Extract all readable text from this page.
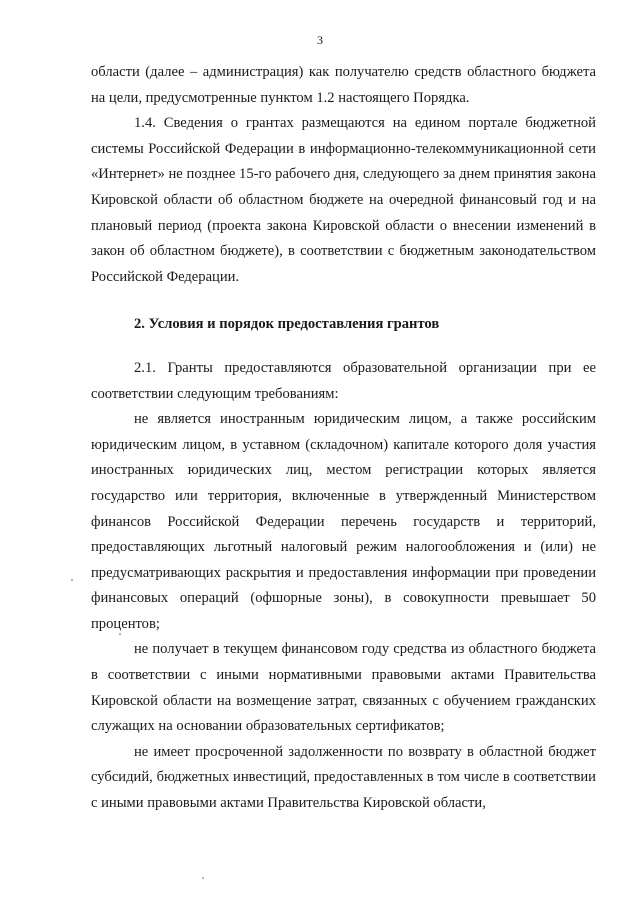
3

области (далее – администрация) как получателю средств областного бюджета на цели, предусмотренные пунктом 1.2 настоящего Порядка.

1.4. Сведения о грантах размещаются на едином портале бюджетной системы Российской Федерации в информационно-телекоммуникационной сети «Интернет» не позднее 15-го рабочего дня, следующего за днем принятия закона Кировской области об областном бюджете на очередной финансовый год и на плановый период (проекта закона Кировской области о внесении изменений в закон об областном бюджете), в соответствии с бюджетным законодательством Российской Федерации.

2. Условия и порядок предоставления грантов

2.1. Гранты предоставляются образовательной организации при ее соответствии следующим требованиям:

не является иностранным юридическим лицом, а также российским юридическим лицом, в уставном (складочном) капитале которого доля участия иностранных юридических лиц, местом регистрации которых является государство или территория, включенные в утвержденный Министерством финансов Российской Федерации перечень государств и территорий, предоставляющих льготный налоговый режим налогообложения и (или) не предусматривающих раскрытия и предоставления информации при проведении финансовых операций (офшорные зоны), в совокупности превышает 50 процентов;

не получает в текущем финансовом году средства из областного бюджета в соответствии с иными нормативными правовыми актами Правительства Кировской области на возмещение затрат, связанных с обучением гражданских служащих на основании образовательных сертификатов;

не имеет просроченной задолженности по возврату в областной бюджет субсидий, бюджетных инвестиций, предоставленных в том числе в соответствии с иными правовыми актами Правительства Кировской области,
